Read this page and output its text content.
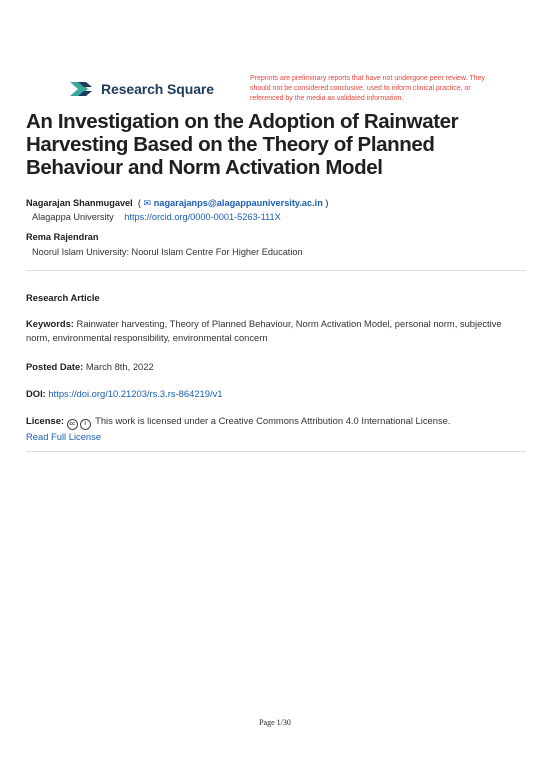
Research Square
Preprints are preliminary reports that have not undergone peer review. They should not be considered conclusive, used to inform clinical practice, or referenced by the media as validated information.
An Investigation on the Adoption of Rainwater Harvesting Based on the Theory of Planned Behaviour and Norm Activation Model
Nagarajan Shanmugavel  ( ✉ nagarajanps@alagappauniversity.ac.in )
Alagappa University https://orcid.org/0000-0001-5263-111X
Rema Rajendran
Noorul Islam University: Noorul Islam Centre For Higher Education
Research Article
Keywords: Rainwater harvesting, Theory of Planned Behaviour, Norm Activation Model, personal norm, subjective norm, environmental responsibility, environmental concern
Posted Date: March 8th, 2022
DOI: https://doi.org/10.21203/rs.3.rs-864219/v1
License: cc i This work is licensed under a Creative Commons Attribution 4.0 International License.
Read Full License
Page 1/30
